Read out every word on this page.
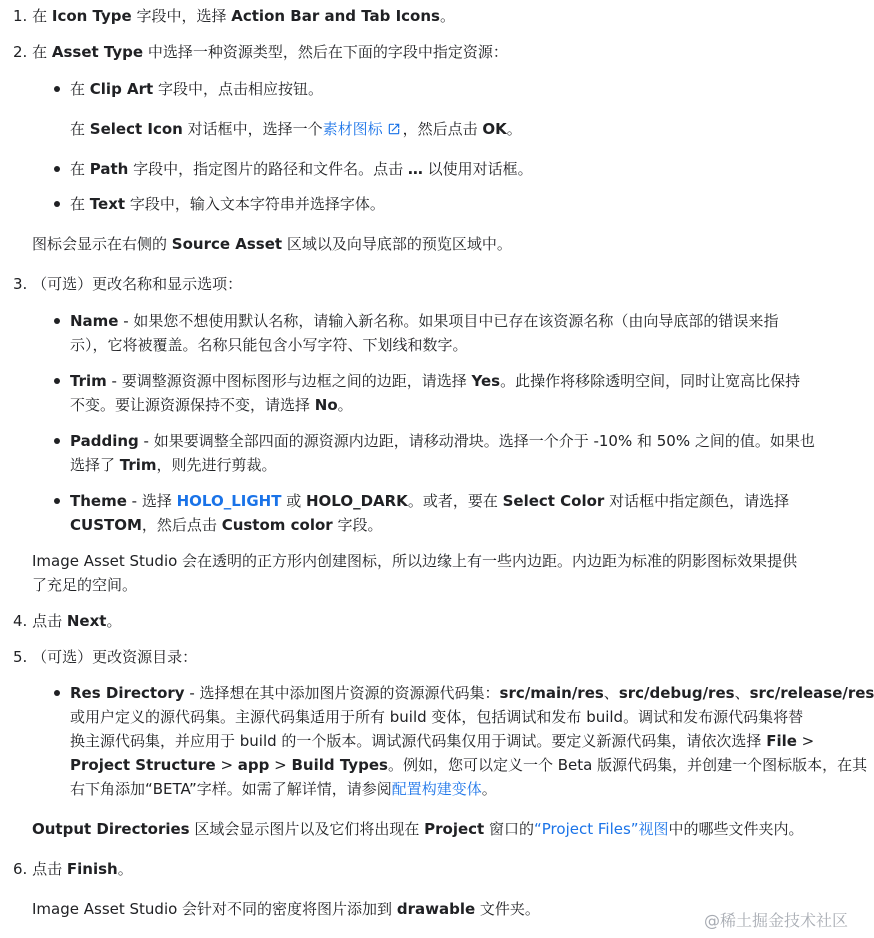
1. 在 Icon Type 字段中，选择 Action Bar and Tab Icons。
2. 在 Asset Type 中选择一种资源类型，然后在下面的字段中指定资源：
在 Clip Art 字段中，点击相应按钮。
在 Select Icon 对话框中，选择一个素材图标 ，然后点击 OK。
在 Path 字段中，指定图片的路径和文件名。点击 … 以使用对话框。
在 Text 字段中，输入文本字符串并选择字体。
图标会显示在右侧的 Source Asset 区域以及向导底部的预览区域中。
3. （可选）更改名称和显示选项：
Name - 如果您不想使用默认名称，请输入新名称。如果项目中已存在该资源名称（由向导底部的错误来指
示），它将被覆盖。名称只能包含小写字符、下划线和数字。
Trim - 要调整源资源中图标图形与边框之间的边距，请选择 Yes。此操作将移除透明空间，同时让宽高比保持
不变。要让源资源保持不变，请选择 No。
Padding - 如果要调整全部四面的源资源内边距，请移动滑块。选择一个介于 -10% 和 50% 之间的值。如果也
选择了 Trim，则先进行剪裁。
Theme - 选择 HOLO_LIGHT 或 HOLO_DARK。或者，要在 Select Color 对话框中指定颜色，请选择
CUSTOM，然后点击 Custom color 字段。
Image Asset Studio 会在透明的正方形内创建图标，所以边缘上有一些内边距。内边距为标准的阴影图标效果提供
了充足的空间。
4. 点击 Next。
5. （可选）更改资源目录：
Res Directory - 选择想在其中添加图片资源的资源源代码集：src/main/res、src/debug/res、src/release/res
或用户定义的源代码集。主源代码集适用于所有 build 变体，包括调试和发布 build。调试和发布源代码集将替
换主源代码集，并应用于 build 的一个版本。调试源代码集仅用于调试。要定义新源代码集，请依次选择 File >
Project Structure > app > Build Types。例如，您可以定义一个 Beta 版源代码集，并创建一个图标版本，在其
右下角添加“BETA”字样。如需了解详情，请参阅配置构建变体。
Output Directories 区域会显示图片以及它们将出现在 Project 窗口的“Project Files”视图中的哪些文件夹内。
6. 点击 Finish。
Image Asset Studio 会针对不同的密度将图片添加到 drawable 文件夹。
@稀土掘金技术社区
